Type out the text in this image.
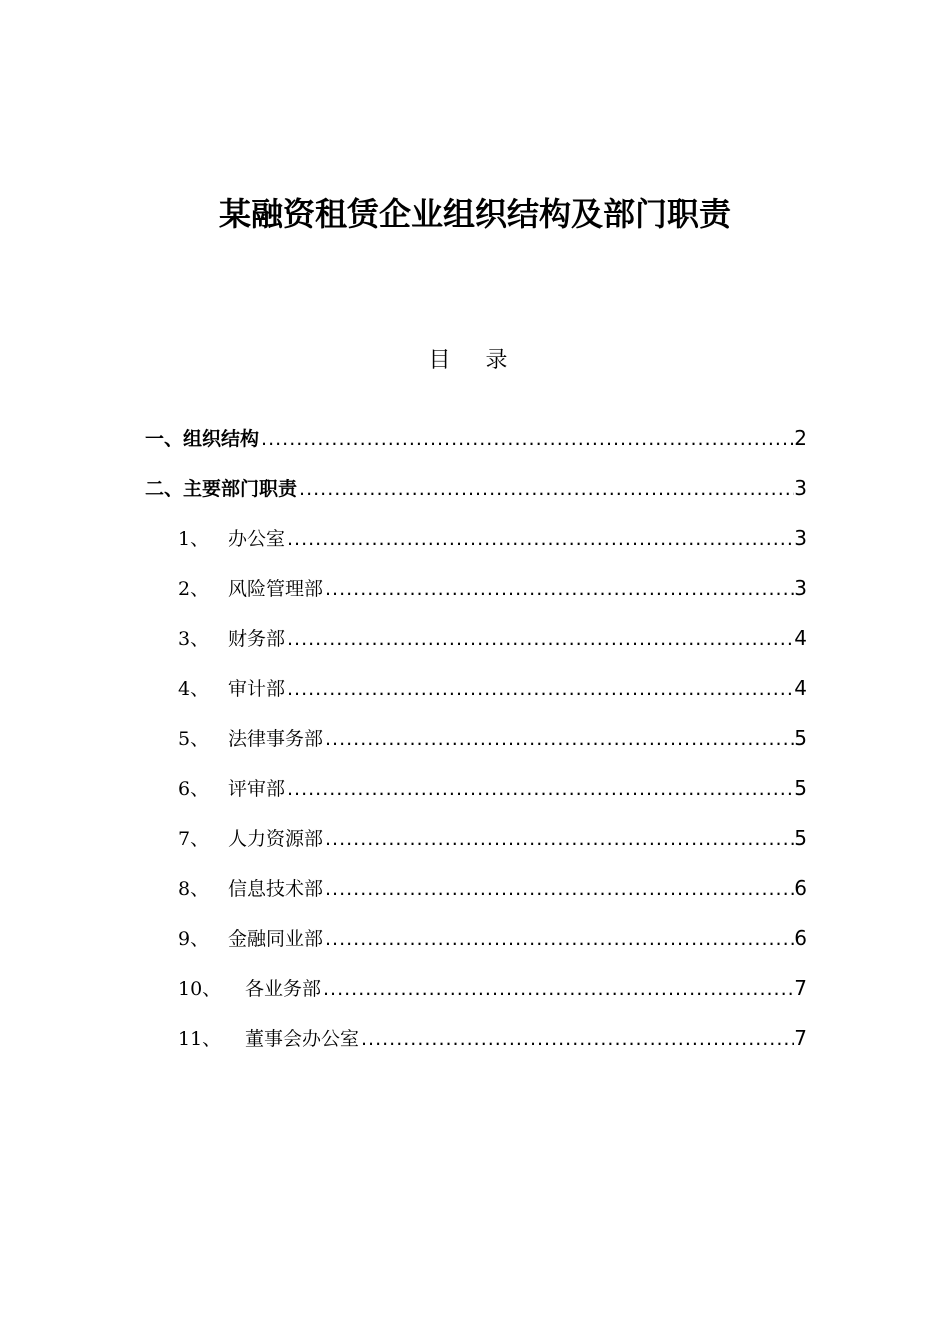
某融资租赁企业组织结构及部门职责
目 录
一、 组织结构 .....	2
二、 主要部门职责 .....	3
1、 办公室 .....	3
2、 风险管理部 .....	3
3、 财务部 .....	4
4、 审计部 .....	4
5、 法律事务部 .....	5
6、 评审部 .....	5
7、 人力资源部 .....	5
8、 信息技术部 .....	6
9、 金融同业部 .....	6
10、	各业务部 .....	7
11、	董事会办公室 .....	7
